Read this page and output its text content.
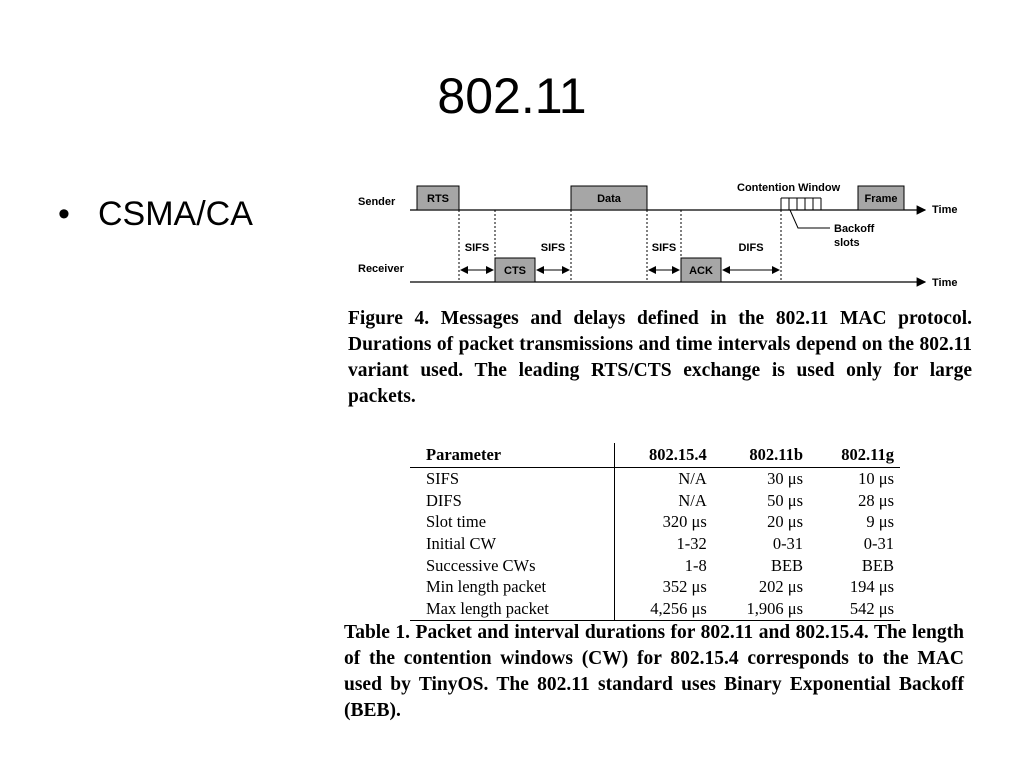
802.11
• CSMA/CA	Sender
Receiver
Time
Time
RTS	Data	Frame
CTS	ACK
SIFS	SIFS	SIFS	DIFS
Contention Window
Backoff
slots

Figure 4. Messages and delays defined in the 802.11 MAC protocol. Durations of packet transmissions and time intervals depend on the 802.11 variant used. The leading RTS/CTS exchange is used only for large packets.

Parameter	802.15.4	802.11b	802.11g
SIFS	N/A	30 μs	10 μs
DIFS	N/A	50 μs	28 μs
Slot time	320 μs	20 μs	9 μs
Initial CW	1-32	0-31	0-31
Successive CWs	1-8	BEB	BEB
Min length packet	352 μs	202 μs	194 μs
Max length packet	4,256 μs	1,906 μs	542 μs

Table 1. Packet and interval durations for 802.11 and 802.15.4. The length of the contention windows (CW) for 802.15.4 corresponds to the MAC used by TinyOS. The 802.11 standard uses Binary Exponential Backoff (BEB).
